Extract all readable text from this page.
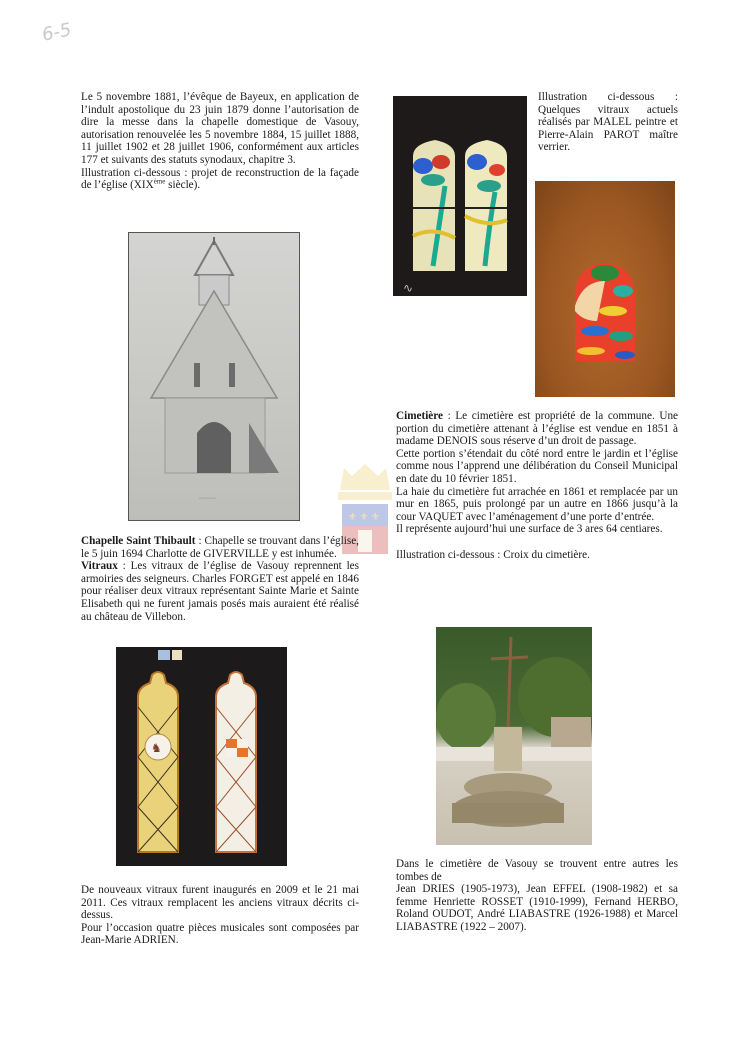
6-5

Le 5 novembre 1881, l’évêque de Bayeux, en application de l’indult apostolique du 23 juin 1879 donne l’autorisation de dire la messe dans la chapelle domestique de Vasouy, autorisation renouvelée les 5 novembre 1884, 15 juillet 1888, 11 juillet 1902 et 28 juillet 1906, conformément aux articles 177 et suivants des statuts synodaux, chapitre 3.

Illustration ci-dessous : projet de reconstruction de la façade de l’église (XIXème siècle).

~~~~
⚜ ⚜ ⚜

Chapelle Saint Thibault : Chapelle se trouvant dans l’église, le 5 juin 1694 Charlotte de GIVERVILLE y est inhumée.

Vitraux : Les vitraux de l’église de Vasouy reprennent les armoiries des seigneurs. Charles FORGET est appelé en 1846 pour réaliser deux vitraux représentant Sainte Marie et Sainte Elisabeth qui ne furent jamais posés mais auraient été réalisé au château de Villebon.

♞

De nouveaux vitraux furent inaugurés en 2009 et le 21 mai 2011. Ces vitraux remplacent les anciens vitraux décrits ci-dessus.

Pour l’occasion quatre pièces musicales sont composées par Jean-Marie ADRIEN.

∿
Illustration ci-dessous : Quelques vitraux actuels réalisés par MALEL peintre et Pierre-Alain PAROT maître verrier.

Cimetière : Le cimetière est propriété de la commune. Une portion du cimetière attenant à l’église est vendue en 1851 à madame DENOIS sous réserve d’un droit de passage.

Cette portion s’étendait du côté nord entre le jardin et l’église comme nous l’apprend une délibération du Conseil Municipal en date du 10 février 1851.

La haie du cimetière fut arrachée en 1861 et remplacée par un mur en 1865, puis prolongé par un autre en 1866 jusqu’à la cour VAQUET avec l’aménagement d’une porte d’entrée.

Il représente aujourd’hui une surface de 3 ares 64 centiares.

Illustration ci-dessous : Croix du cimetière.

Dans le cimetière de Vasouy se trouvent entre autres les tombes de

Jean DRIES (1905-1973), Jean EFFEL (1908-1982) et sa femme Henriette ROSSET (1910-1999), Fernand HERBO, Roland OUDOT, André LIABASTRE (1926-1988) et Marcel LIABASTRE (1922 – 2007).
